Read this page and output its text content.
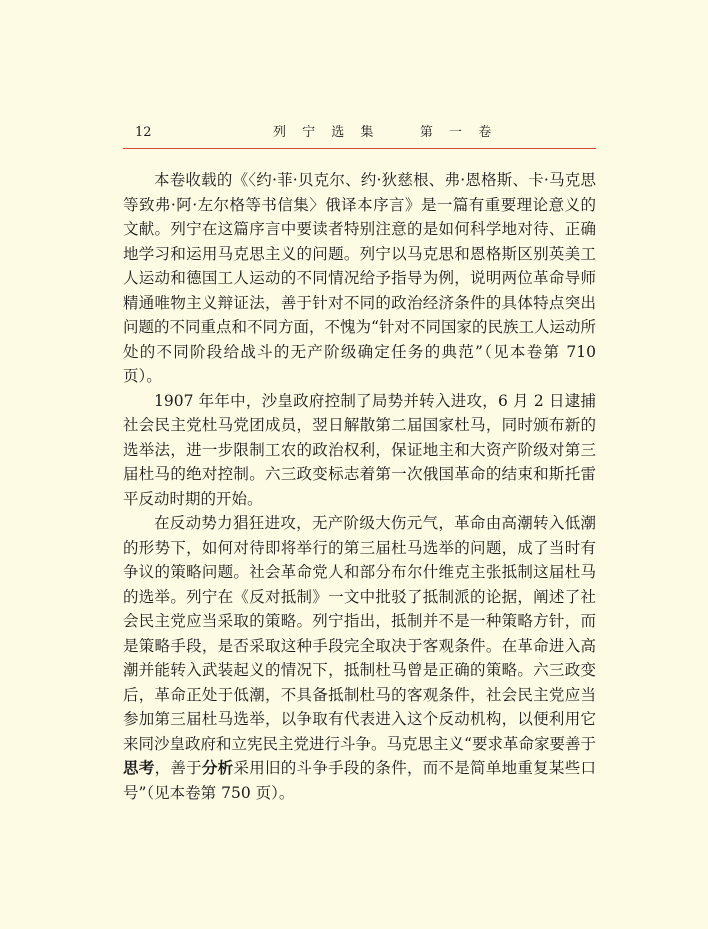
12	列 宁 选 集    第 一 卷

本卷收载的《〈约·菲·贝克尔、约·狄慈根、弗·恩格斯、卡·马克思等致弗·阿·左尔格等书信集〉俄译本序言》是一篇有重要理论意义的文献。列宁在这篇序言中要读者特别注意的是如何科学地对待、正确地学习和运用马克思主义的问题。列宁以马克思和恩格斯区别英美工人运动和德国工人运动的不同情况给予指导为例，说明两位革命导师精通唯物主义辩证法，善于针对不同的政治经济条件的具体特点突出问题的不同重点和不同方面，不愧为“针对不同国家的民族工人运动所处的不同阶段给战斗的无产阶级确定任务的典范”（见本卷第 710 页）。

1907 年年中，沙皇政府控制了局势并转入进攻，6 月 2 日逮捕社会民主党杜马党团成员，翌日解散第二届国家杜马，同时颁布新的选举法，进一步限制工农的政治权利，保证地主和大资产阶级对第三届杜马的绝对控制。六三政变标志着第一次俄国革命的结束和斯托雷平反动时期的开始。

在反动势力猖狂进攻，无产阶级大伤元气，革命由高潮转入低潮的形势下，如何对待即将举行的第三届杜马选举的问题，成了当时有争议的策略问题。社会革命党人和部分布尔什维克主张抵制这届杜马的选举。列宁在《反对抵制》一文中批驳了抵制派的论据，阐述了社会民主党应当采取的策略。列宁指出，抵制并不是一种策略方针，而是策略手段，是否采取这种手段完全取决于客观条件。在革命进入高潮并能转入武装起义的情况下，抵制杜马曾是正确的策略。六三政变后，革命正处于低潮，不具备抵制杜马的客观条件，社会民主党应当参加第三届杜马选举，以争取有代表进入这个反动机构，以便利用它来同沙皇政府和立宪民主党进行斗争。马克思主义“要求革命家要善于思考，善于分析采用旧的斗争手段的条件，而不是简单地重复某些口号”（见本卷第 750 页）。
